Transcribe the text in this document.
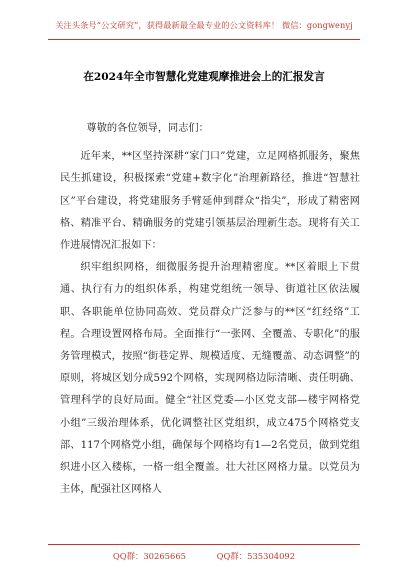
关注头条号“公文研究”，获得最新最全最专业的公文资料库！ 微信：gongwenyj
在2024年全市智慧化党建观摩推进会上的汇报发言

尊敬的各位领导，同志们：

近年来，**区坚持深耕“家门口”党建，立足网格抓服务，聚焦民生抓建设，积极探索“党建+数字化”治理新路径，推进“智慧社区”平台建设，将党建服务手臂延伸到群众“指尖”，形成了精密网格、精准平台、精确服务的党建引领基层治理新生态。现将有关工作进展情况汇报如下：

织牢组织网格，细微服务提升治理精密度。**区着眼上下贯通、执行有力的组织体系，构建党组统一领导、街道社区依法履职、各职能单位协同高效、党员群众广泛参与的**区“红经络”工程。合理设置网格布局。全面推行“一张网、全覆盖、专职化”的服务管理模式，按照“街巷定界、规模适度、无缝覆盖、动态调整”的原则，将城区划分成592个网格，实现网格边际清晰、责任明确、管理科学的良好局面。健全“社区党委—小区党支部—楼宇网格党小组”三级治理体系，优化调整社区党组织，成立475个网格党支部、117个网格党小组，确保每个网格均有1—2名党员，做到党组织进小区入楼栋，一格一组全覆盖。壮大社区网格力量。以党员为主体，配强社区网格人

QQ群：30265665	QQ群：535304092
